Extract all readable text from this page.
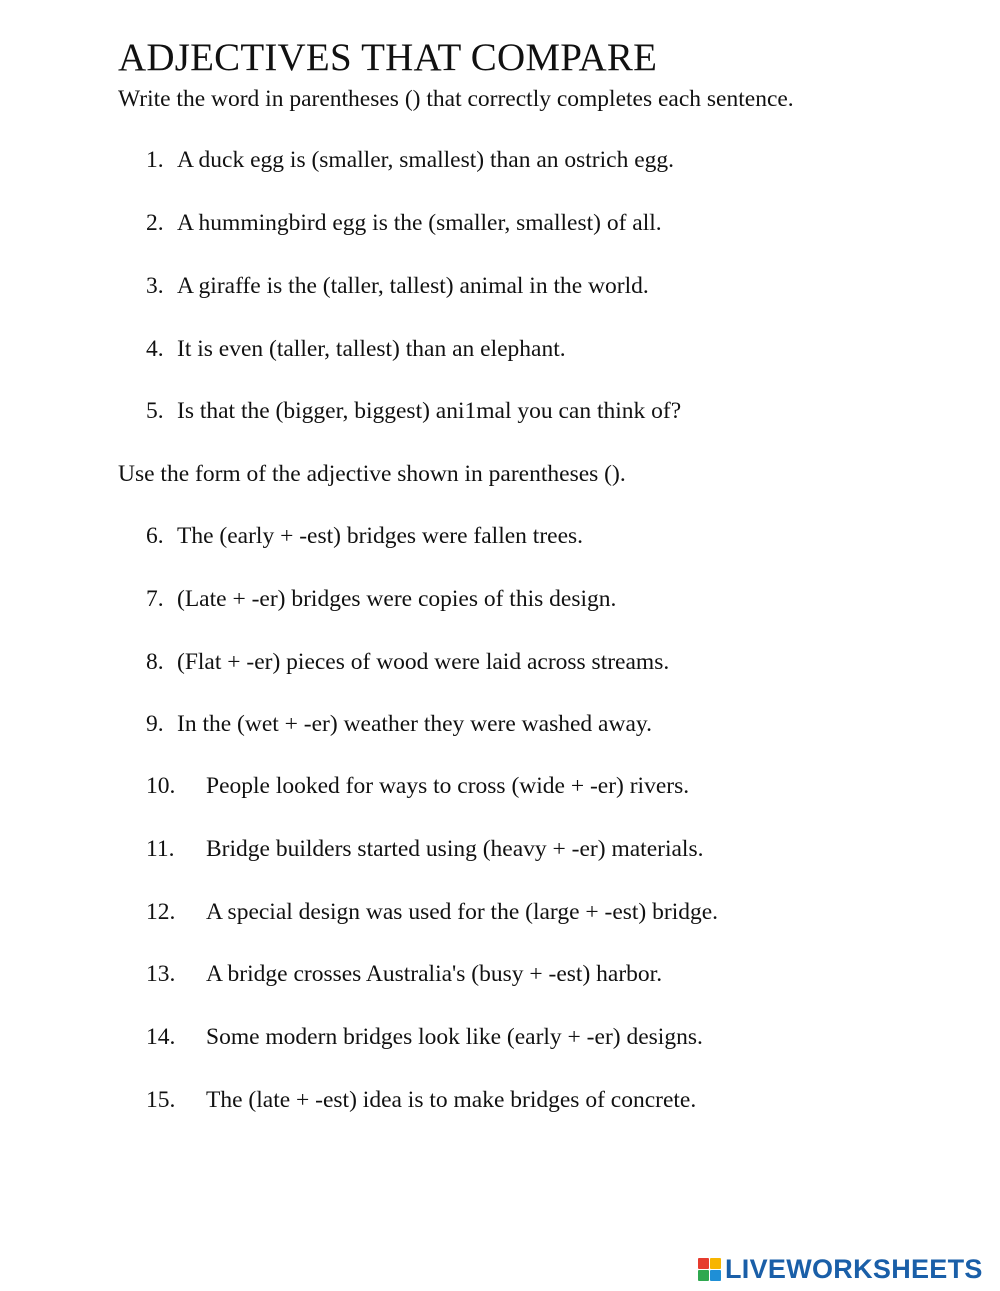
ADJECTIVES THAT COMPARE
Write the word in parentheses () that correctly completes each sentence.
1. A duck egg is (smaller, smallest) than an ostrich egg.
2. A hummingbird egg is the (smaller, smallest) of all.
3. A giraffe is the (taller, tallest) animal in the world.
4. It is even (taller, tallest) than an elephant.
5. Is that the (bigger, biggest) ani1mal you can think of?
Use the form of the adjective shown in parentheses ().
6. The (early + -est) bridges were fallen trees.
7. (Late + -er) bridges were copies of this design.
8. (Flat + -er) pieces of wood were laid across streams.
9. In the (wet + -er) weather they were washed away.
10. People looked for ways to cross (wide + -er) rivers.
11. Bridge builders started using (heavy + -er) materials.
12. A special design was used for the (large + -est) bridge.
13. A bridge crosses Australia's (busy + -est) harbor.
14. Some modern bridges look like (early + -er) designs.
15. The (late + -est) idea is to make bridges of concrete.
LIVEWORKSHEETS
